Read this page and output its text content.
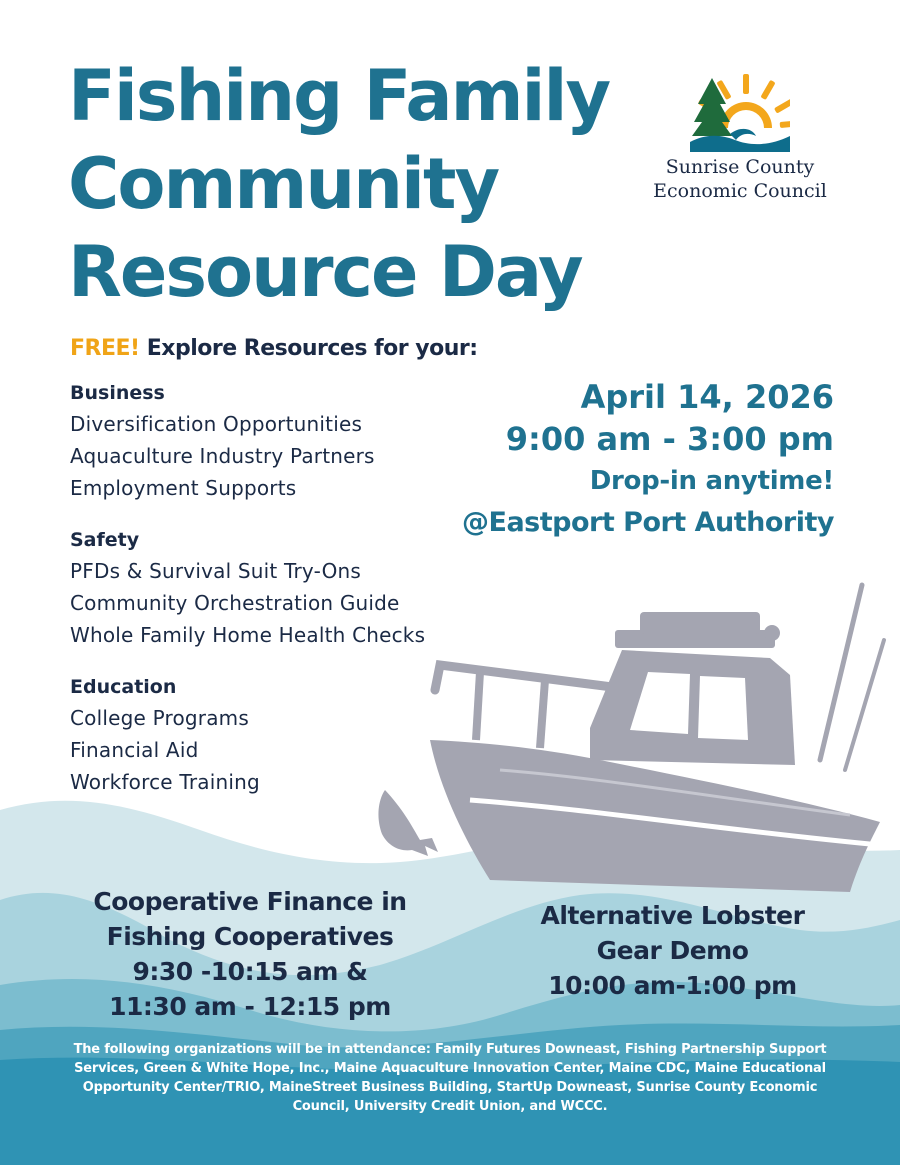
Fishing Family
Community
Resource Day
Sunrise County
Economic Council

FREE! Explore Resources for your:

Business
Diversification Opportunities
Aquaculture Industry Partners
Employment Supports
Safety
PFDs & Survival Suit Try-Ons
Community Orchestration Guide
Whole Family Home Health Checks
Education
College Programs
Financial Aid
Workforce Training
April 14, 2026
9:00 am - 3:00 pm
Drop-in anytime!
@Eastport Port Authority
Cooperative Finance in
Fishing Cooperatives
9:30 -10:15 am &
11:30 am - 12:15 pm
Alternative Lobster
Gear Demo
10:00 am-1:00 pm

The following organizations will be in attendance: Family Futures Downeast, Fishing Partnership Support Services, Green & White Hope, Inc., Maine Aquaculture Innovation Center, Maine CDC, Maine Educational Opportunity Center/TRIO, MaineStreet Business Building, StartUp Downeast, Sunrise County Economic Council, University Credit Union, and WCCC.
